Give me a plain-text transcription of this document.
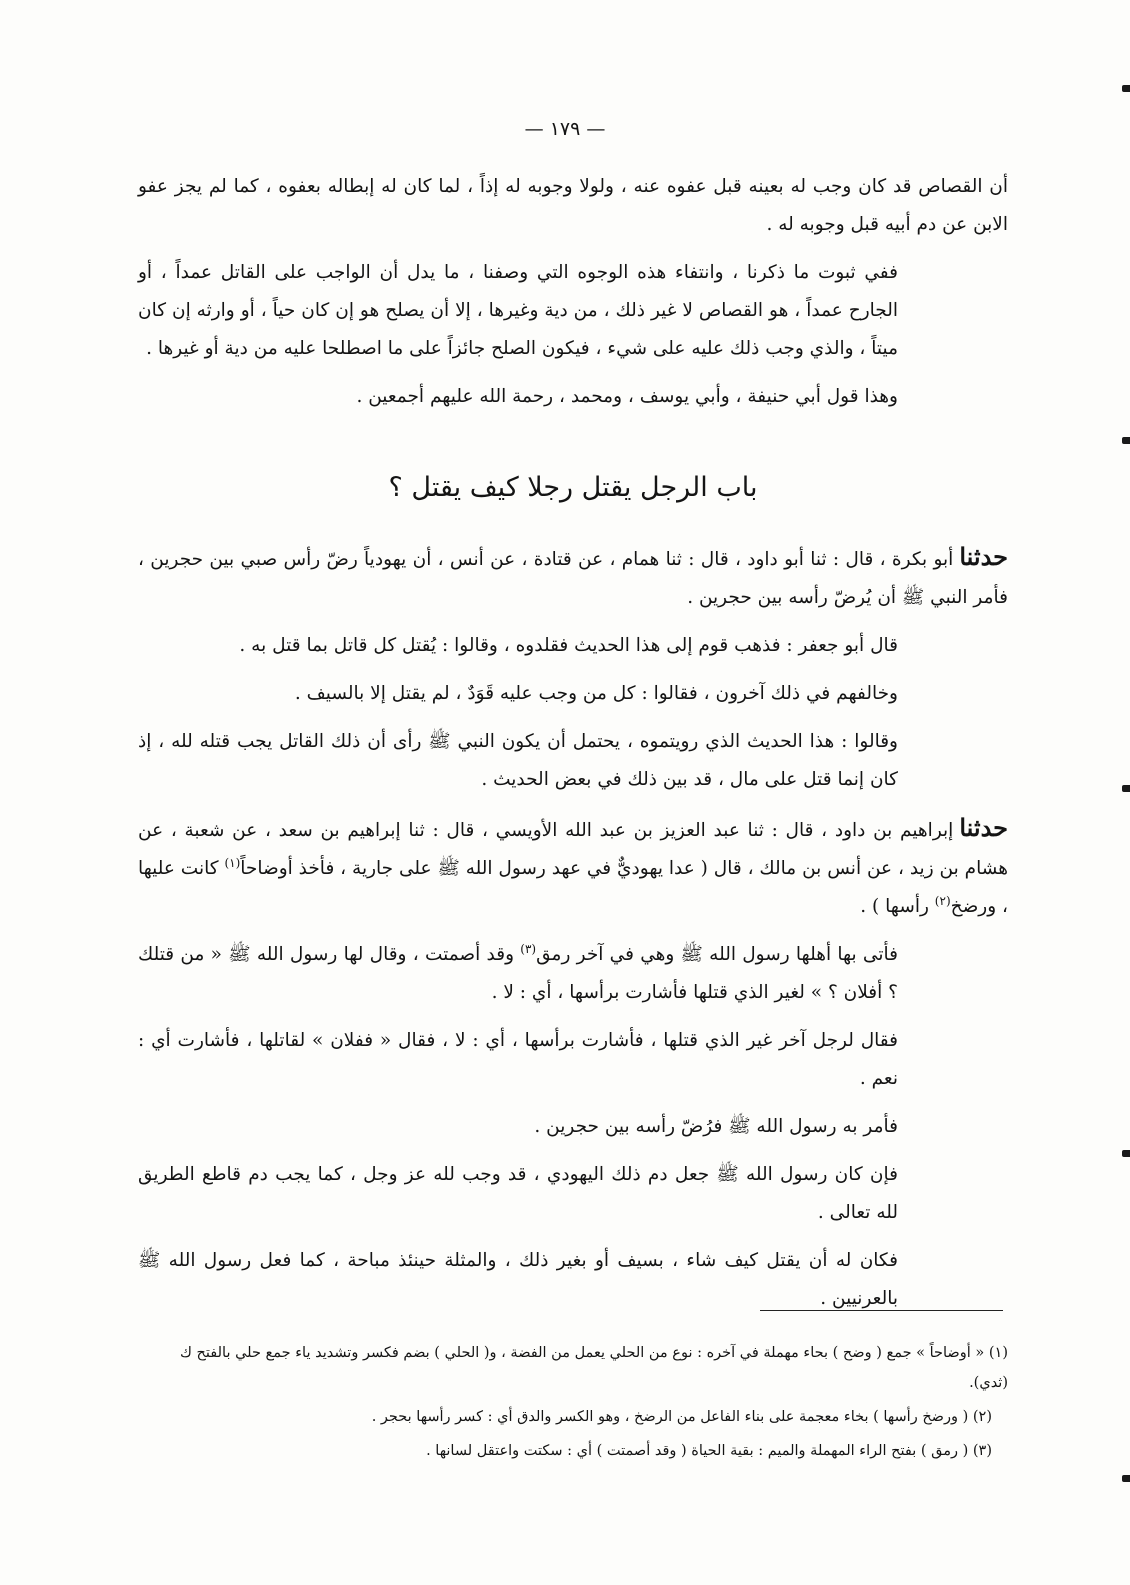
— ١٧٩ —

أن القصاص قد كان وجب له بعينه قبل عفوه عنه ، ولولا وجوبه له إذاً ، لما كان له إبطاله بعفوه ، كما لم يجز عفو الابن عن دم أبيه قبل وجوبه له .

ففي ثبوت ما ذكرنا ، وانتفاء هذه الوجوه التي وصفنا ، ما يدل أن الواجب على القاتل عمداً ، أو الجارح عمداً ، هو القصاص لا غير ذلك ، من دية وغيرها ، إلا أن يصلح هو إن كان حياً ، أو وارثه إن كان ميتاً ، والذي وجب ذلك عليه على شيء ، فيكون الصلح جائزاً على ما اصطلحا عليه من دية أو غيرها .

وهذا قول أبي حنيفة ، وأبي يوسف ، ومحمد ، رحمة الله عليهم أجمعين .

باب الرجل يقتل رجلا كيف يقتل ؟

حدثناأبو بكرة ، قال : ثنا أبو داود ، قال : ثنا همام ، عن قتادة ، عن أنس ، أن يهودياً رضّ رأس صبي بين حجرين ، فأمر النبي ﷺ أن يُرضّ رأسه بين حجرين .

قال أبو جعفر : فذهب قوم إلى هذا الحديث فقلدوه ، وقالوا : يُقتل كل قاتل بما قتل به .

وخالفهم في ذلك آخرون ، فقالوا : كل من وجب عليه قَوَدٌ ، لم يقتل إلا بالسيف .

وقالوا : هذا الحديث الذي رويتموه ، يحتمل أن يكون النبي ﷺ رأى أن ذلك القاتل يجب قتله لله ، إذ كان إنما قتل على مال ، قد بين ذلك في بعض الحديث .

حدثناإبراهيم بن داود ، قال : ثنا عبد العزيز بن عبد الله الأويسي ، قال : ثنا إبراهيم بن سعد ، عن شعبة ، عن هشام بن زيد ، عن أنس بن مالك ، قال ( عدا يهوديٌّ في عهد رسول الله ﷺ على جارية ، فأخذ أوضاحاً$^{(١)}$ كانت عليها ، ورضخ$^{(٢)}$ رأسها ) .

فأتى بها أهلها رسول الله ﷺ وهي في آخر رمق$^{(٣)}$ وقد أصمتت ، وقال لها رسول الله ﷺ « من قتلك ؟ أفلان ؟ » لغير الذي قتلها فأشارت برأسها ، أي : لا .

فقال لرجل آخر غير الذي قتلها ، فأشارت برأسها ، أي : لا ، فقال « ففلان » لقاتلها ، فأشارت أي : نعم .

فأمر به رسول الله ﷺ فرُضّ رأسه بين حجرين .

فإن كان رسول الله ﷺ جعل دم ذلك اليهودي ، قد وجب لله عز وجل ، كما يجب دم قاطع الطريق لله تعالى .

فكان له أن يقتل كيف شاء ، بسيف أو بغير ذلك ، والمثلة حينئذ مباحة ، كما فعل رسول الله ﷺ بالعرنيين .

(١) « أوضاحاً » جمع ( وضح ) بحاء مهملة في آخره : نوع من الحلي يعمل من الفضة ، و( الحلي ) بضم فكسر وتشديد ياء جمع حلي بالفتح ك (ثدي).

(٢) ( ورضخ رأسها ) بخاء معجمة على بناء الفاعل من الرضخ ، وهو الكسر والدق أي : كسر رأسها بحجر .

(٣) ( رمق ) بفتح الراء المهملة والميم : بقية الحياة ( وقد أصمتت ) أي : سكتت واعتقل لسانها .
